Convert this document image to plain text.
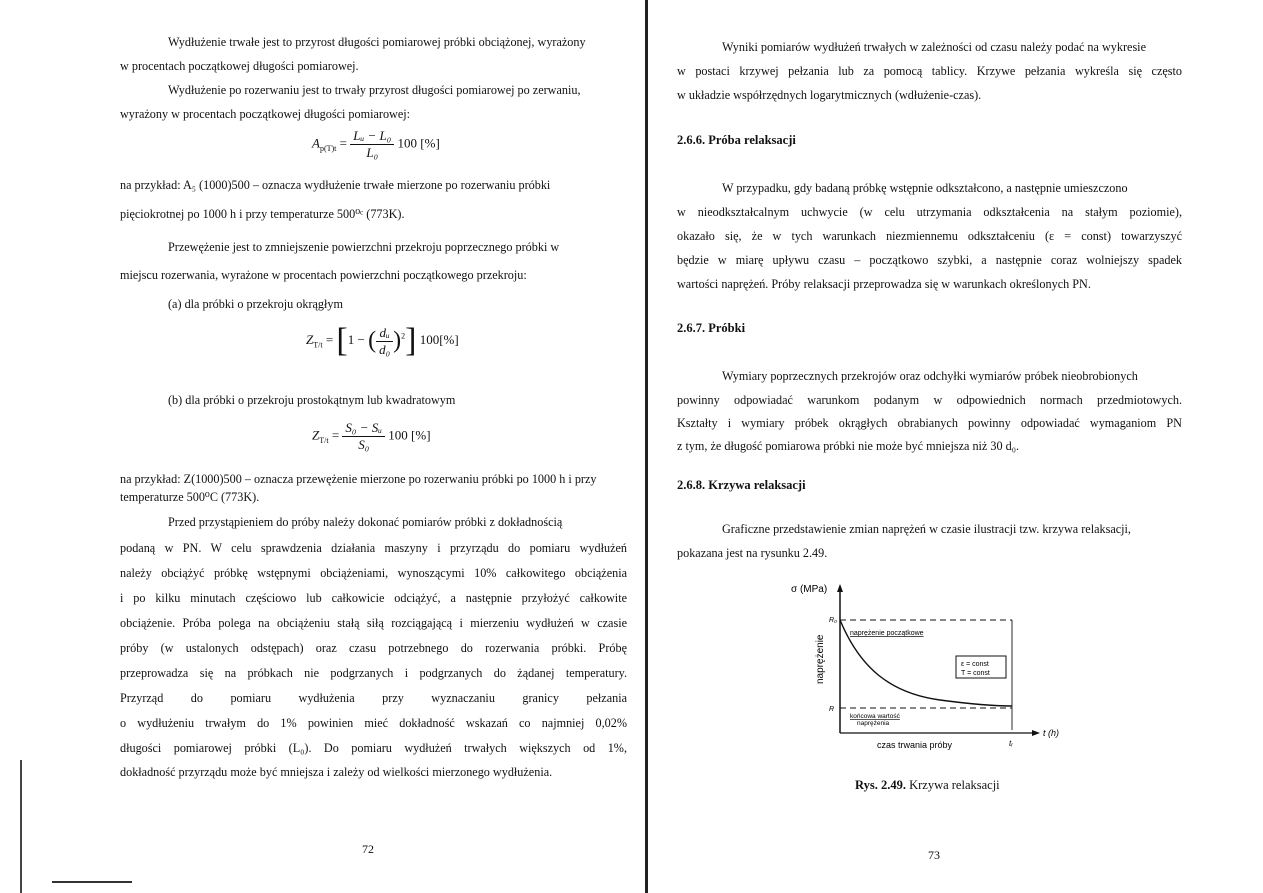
Wydłużenie trwałe jest to przyrost długości pomiarowej próbki obciążonej, wyrażony
w procentach początkowej długości pomiarowej.
Wydłużenie po rozerwaniu jest to trwały przyrost długości pomiarowej po zerwaniu,
wyrażony w procentach początkowej długości pomiarowej:
$A_{p(T)t} = \frac{\text{Lᵤ − L₀}}{\text{L₀}} 100$ [%]
na przykład: A₅ (1000)500 – oznacza wydłużenie trwałe mierzone po rozerwaniu próbki
pięciokrotnej po 1000 h i przy temperaturze 500⁰ᶜ (773K).
Przewężenie jest to zmniejszenie powierzchni przekroju poprzecznego próbki w
miejscu rozerwania, wyrażone w procentach powierzchni początkowego przekroju:
(a) dla próbki o przekroju okrągłym
$Z_{T/t} = [1$ − ( $\frac{\text{dᵤ}}{\text{d₀}} )^2$] 100[%]
(b) dla próbki o przekroju prostokątnym lub kwadratowym
$Z_{T/t} = \frac{\text{S₀ − Sᵤ}}{\text{S₀}} 100$ [%]
na przykład: Z(1000)500 – oznacza przewężenie mierzone po rozerwaniu próbki po 1000 h i przy
temperaturze 500⁰C (773K).
Przed przystąpieniem do próby należy dokonać pomiarów próbki z dokładnością
podaną w PN. W celu sprawdzenia działania maszyny i przyrządu do pomiaru wydłużeń
należy obciążyć próbkę wstępnymi obciążeniami, wynoszącymi 10% całkowitego obciążenia
i po kilku minutach częściowo lub całkowicie odciążyć, a następnie przyłożyć całkowite
obciążenie. Próba polega na obciążeniu stałą siłą rozciągającą i mierzeniu wydłużeń w czasie
próby (w ustalonych odstępach) oraz czasu potrzebnego do rozerwania próbki. Próbę
przeprowadza się na próbkach nie podgrzanych i podgrzanych do żądanej temperatury.
Przyrząd do pomiaru wydłużenia przy wyznaczaniu granicy pełzania
o wydłużeniu trwałym do 1% powinien mieć dokładność wskazań co najmniej 0,02%
długości pomiarowej próbki (L₀). Do pomiaru wydłużeń trwałych większych od 1%,
dokładność przyrządu może być mniejsza i zależy od wielkości mierzonego wydłużenia.
72
Wyniki pomiarów wydłużeń trwałych w zależności od czasu należy podać na wykresie
w postaci krzywej pełzania lub za pomocą tablicy. Krzywe pełzania wykreśla się często
w układzie współrzędnych logarytmicznych (wdłużenie-czas).
2.6.6. Próba relaksacji
W przypadku, gdy badaną próbkę wstępnie odkształcono, a następnie umieszczono
w nieodkształcalnym uchwycie (w celu utrzymania odkształcenia na stałym poziomie),
okazało się, że w tych warunkach niezmiennemu odkształceniu (ε = const) towarzyszyć
będzie w miarę upływu czasu – początkowo szybki, a następnie coraz wolniejszy spadek
wartości naprężeń. Próby relaksacji przeprowadza się w warunkach określonych PN.
2.6.7. Próbki
Wymiary poprzecznych przekrojów oraz odchyłki wymiarów próbek nieobrobionych
powinny odpowiadać warunkom podanym w odpowiednich normach przedmiotowych.
Kształty i wymiary próbek okrągłych obrabianych powinny odpowiadać wymaganiom PN
z tym, że długość pomiarowa próbki nie może być mniejsza niż 30 d₀.
2.6.8. Krzywa relaksacji
Graficzne przedstawienie zmian naprężeń w czasie ilustracji tzw. krzywa relaksacji,
pokazana jest na rysunku 2.49.
σ (MPa)
t (h)
naprężenie
R₀
naprężenie początkowe
R
końcowa wartość
naprężenia
ε = const
T = const
czas trwania próby	tᵣ
Rys. 2.49. Krzywa relaksacji
73
